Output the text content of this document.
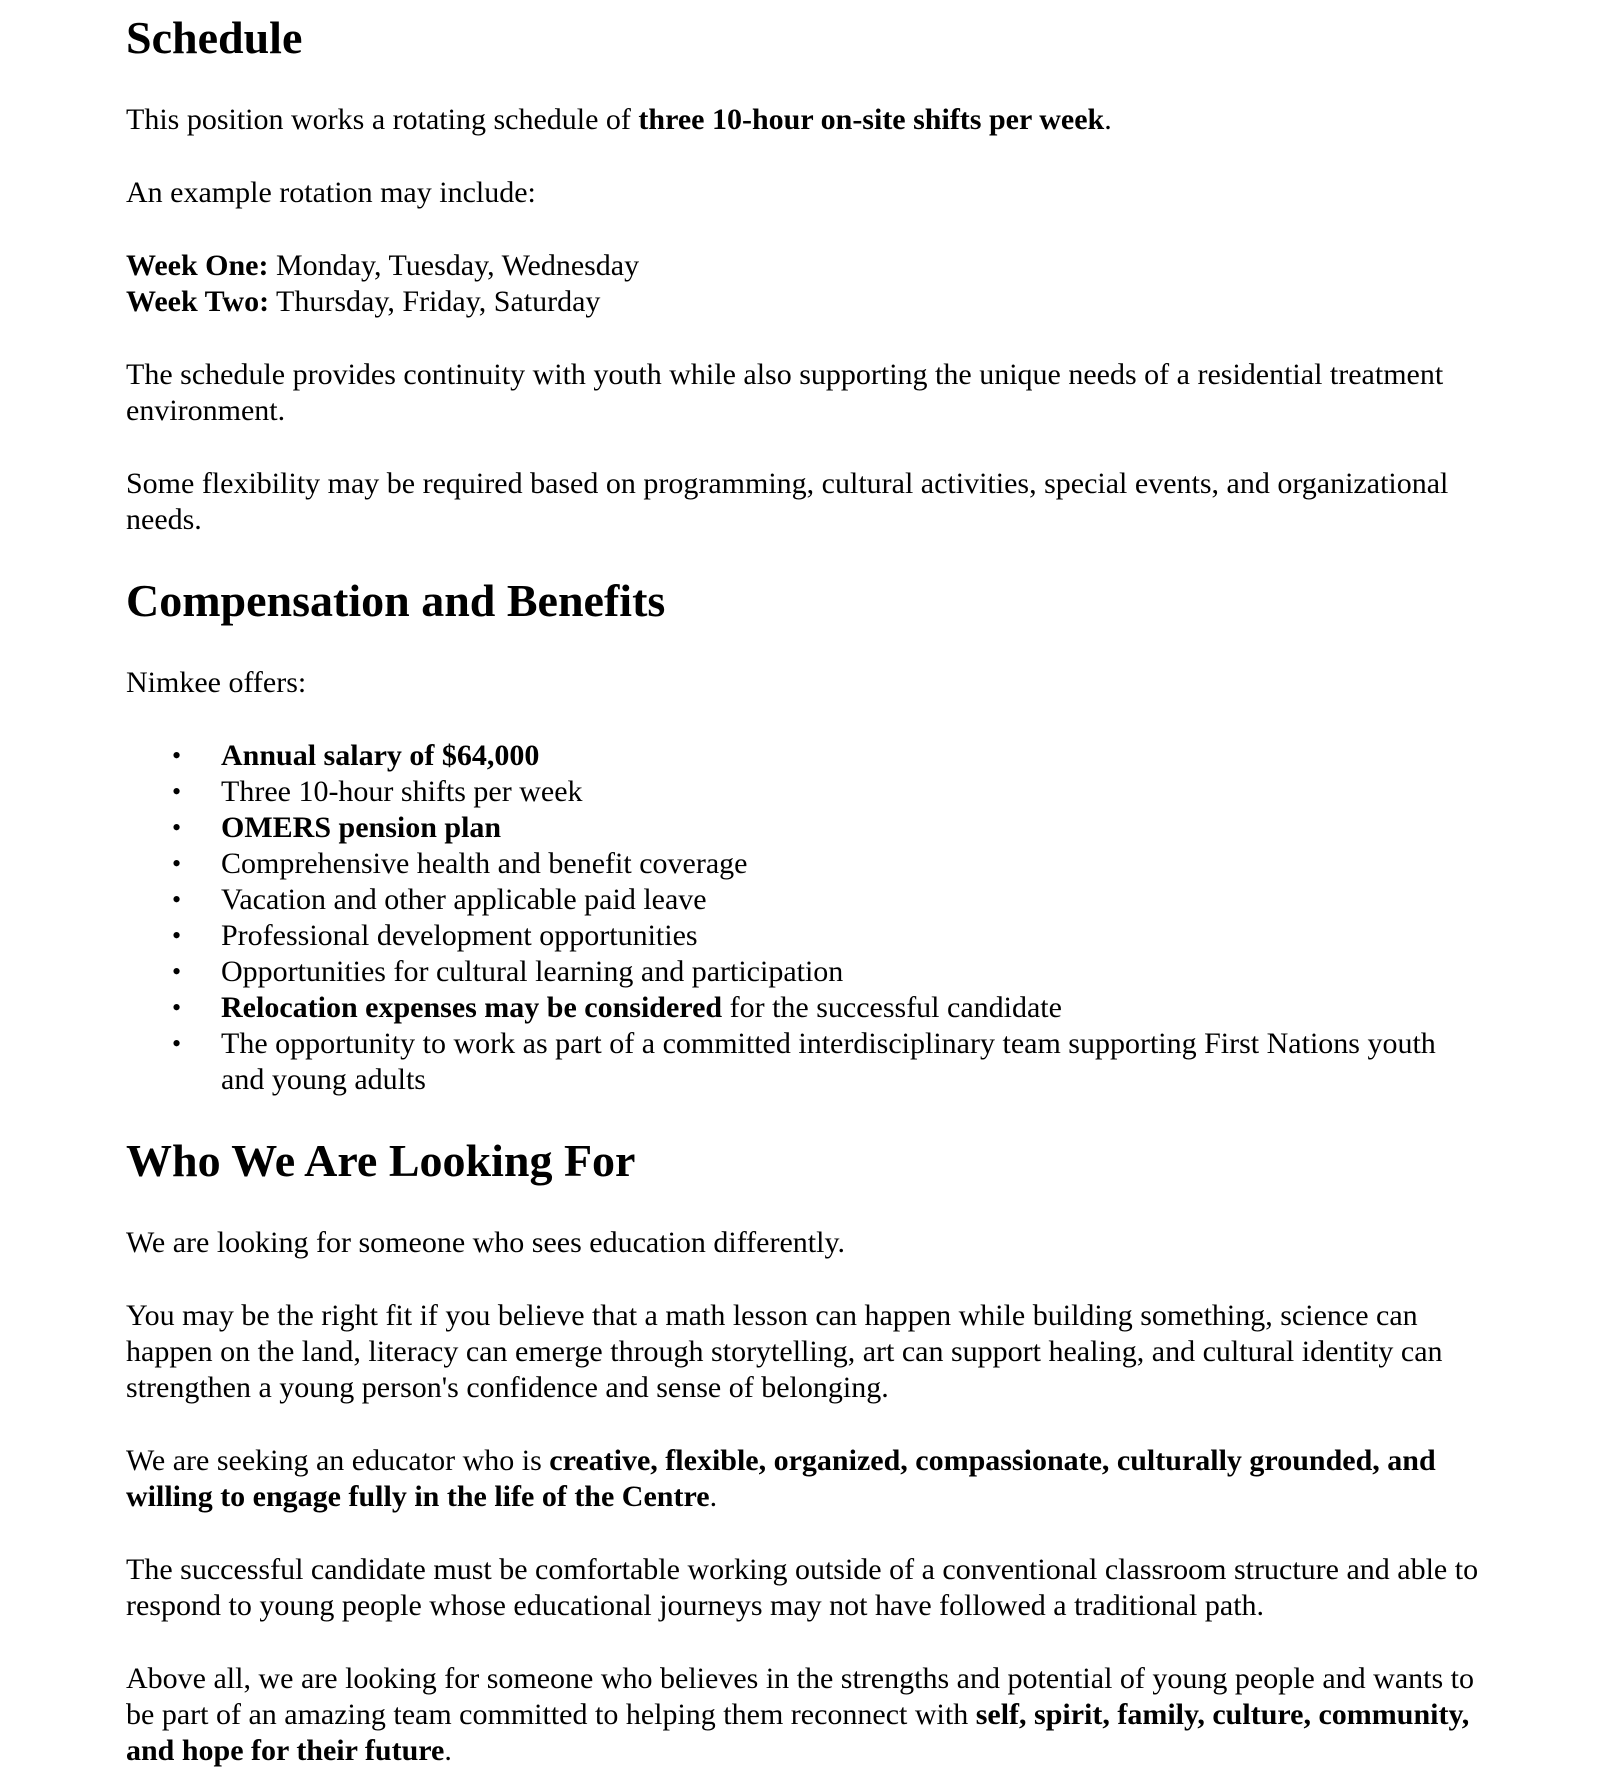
Schedule

This position works a rotating schedule of three 10-hour on-site shifts per week.

An example rotation may include:

Week One: Monday, Tuesday, Wednesday
Week Two: Thursday, Friday, Saturday

The schedule provides continuity with youth while also supporting the unique needs of a residential treatment environment.

Some flexibility may be required based on programming, cultural activities, special events, and organizational needs.

Compensation and Benefits

Nimkee offers:

• Annual salary of $64,000
• Three 10-hour shifts per week
• OMERS pension plan
• Comprehensive health and benefit coverage
• Vacation and other applicable paid leave
• Professional development opportunities
• Opportunities for cultural learning and participation
• Relocation expenses may be considered for the successful candidate
• The opportunity to work as part of a committed interdisciplinary team supporting First Nations youth and young adults
Who We Are Looking For

We are looking for someone who sees education differently.

You may be the right fit if you believe that a math lesson can happen while building something, science can happen on the land, literacy can emerge through storytelling, art can support healing, and cultural identity can strengthen a young person's confidence and sense of belonging.

We are seeking an educator who is creative, flexible, organized, compassionate, culturally grounded, and willing to engage fully in the life of the Centre.

The successful candidate must be comfortable working outside of a conventional classroom structure and able to respond to young people whose educational journeys may not have followed a traditional path.

Above all, we are looking for someone who believes in the strengths and potential of young people and wants to be part of an amazing team committed to helping them reconnect with self, spirit, family, culture, community, and hope for their future.
